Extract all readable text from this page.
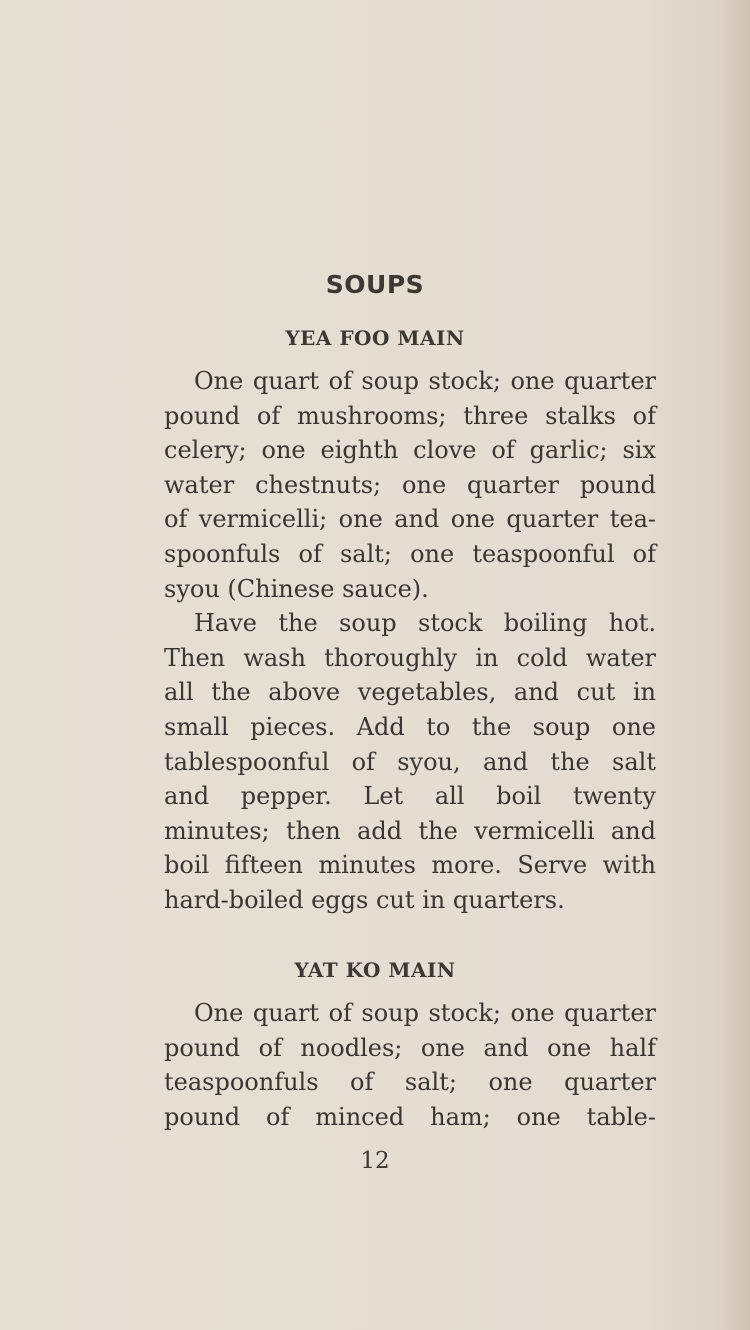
SOUPS
YEA FOO MAIN

One quart of soup stock; one quarter
pound of mushrooms; three stalks of
celery; one eighth clove of garlic; six
water chestnuts; one quarter pound
of vermicelli; one and one quarter tea-
spoonfuls of salt; one teaspoonful of
syou (Chinese sauce).

Have the soup stock boiling hot.
Then wash thoroughly in cold water
all the above vegetables, and cut in
small pieces. Add to the soup one
tablespoonful of syou, and the salt
and pepper. Let all boil twenty
minutes; then add the vermicelli and
boil fifteen minutes more. Serve with
hard-boiled eggs cut in quarters.

YAT KO MAIN

One quart of soup stock; one quarter
pound of noodles; one and one half
teaspoonfuls of salt; one quarter
pound of minced ham; one table-

12
